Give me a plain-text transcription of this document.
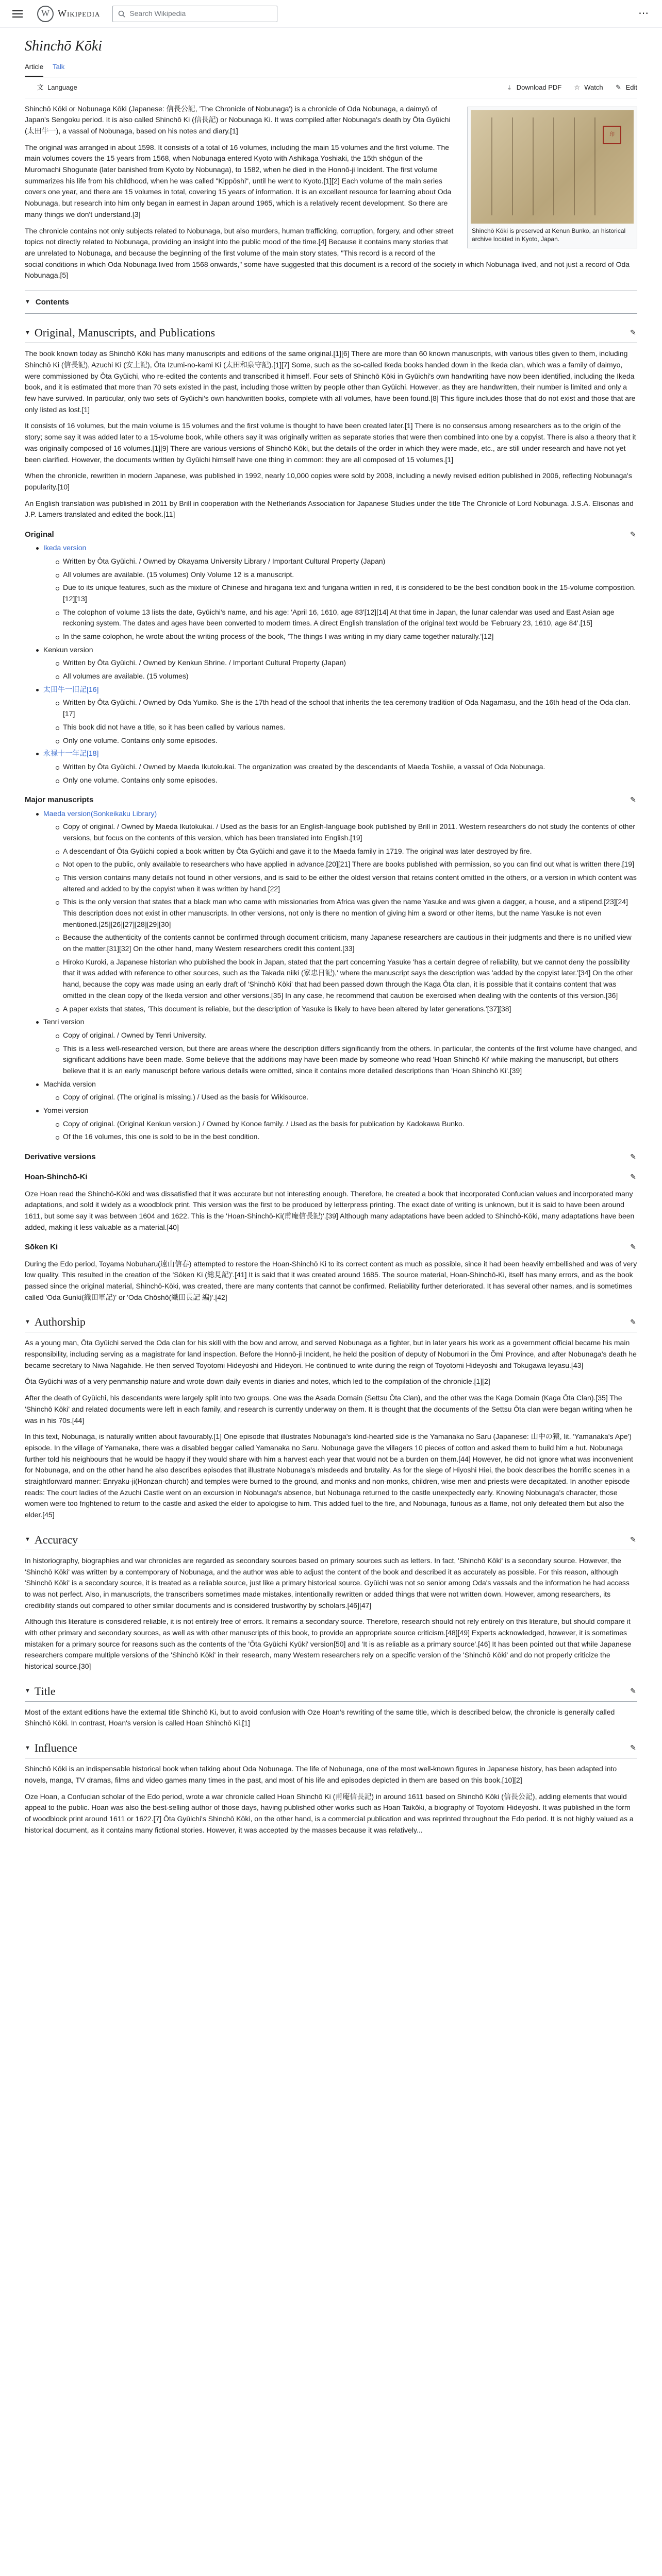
W Wikipedia	Search Wikipedia	⋯
Shinchō Kōki
Article Talk
文 Language	⤓ Download PDF ☆ Watch ✎ Edit
印
Shinchō Kōki is preserved at Kenun Bunko, an historical archive located in Kyoto, Japan.

Shinchō Kōki or Nobunaga Kōki (Japanese: 信長公記, 'The Chronicle of Nobunaga') is a chronicle of Oda Nobunaga, a daimyō of Japan's Sengoku period. It is also called Shinchō Ki (信長記) or Nobunaga Ki. It was compiled after Nobunaga's death by Ōta Gyūichi (太田牛一), a vassal of Nobunaga, based on his notes and diary.[1]

The original was arranged in about 1598. It consists of a total of 16 volumes, including the main 15 volumes and the first volume. The main volumes covers the 15 years from 1568, when Nobunaga entered Kyoto with Ashikaga Yoshiaki, the 15th shōgun of the Muromachi Shogunate (later banished from Kyoto by Nobunaga), to 1582, when he died in the Honnō-ji Incident. The first volume summarizes his life from his childhood, when he was called "Kippōshi", until he went to Kyoto.[1][2] Each volume of the main series covers one year, and there are 15 volumes in total, covering 15 years of information. It is an excellent resource for learning about Oda Nobunaga, but research into him only began in earnest in Japan around 1965, which is a relatively recent development. So there are many things we don't understand.[3]

The chronicle contains not only subjects related to Nobunaga, but also murders, human trafficking, corruption, forgery, and other street topics not directly related to Nobunaga, providing an insight into the public mood of the time.[4] Because it contains many stories that are unrelated to Nobunaga, and because the beginning of the first volume of the main story states, "This record is a record of the social conditions in which Oda Nobunaga lived from 1568 onwards," some have suggested that this document is a record of the society in which Nobunaga lived, and not just a record of Oda Nobunaga.[5]

▼ Contents
▼ Original, Manuscripts, and Publications	✎

The book known today as Shinchō Kōki has many manuscripts and editions of the same original.[1][6] There are more than 60 known manuscripts, with various titles given to them, including Shinchō Ki (信長記), Azuchi Ki (安土記), Ōta Izumi-no-kami Ki (太田和泉守記).[1][7] Some, such as the so-called Ikeda books handed down in the Ikeda clan, which was a family of daimyo, were commissioned by Ōta Gyūichi, who re-edited the contents and transcribed it himself. Four sets of Shinchō Kōki in Gyūichi's own handwriting have now been identified, including the Ikeda book, and it is estimated that more than 70 sets existed in the past, including those written by people other than Gyūichi. However, as they are handwritten, their number is limited and only a few have survived. In particular, only two sets of Gyūichi's own handwritten books, complete with all volumes, have been found.[8] This figure includes those that do not exist and those that are only listed as lost.[1]

It consists of 16 volumes, but the main volume is 15 volumes and the first volume is thought to have been created later.[1] There is no consensus among researchers as to the origin of the story; some say it was added later to a 15-volume book, while others say it was originally written as separate stories that were then combined into one by a copyist. There is also a theory that it was originally composed of 16 volumes.[1][9] There are various versions of Shinchō Kōki, but the details of the order in which they were made, etc., are still under research and have not yet been clarified. However, the documents written by Gyūichi himself have one thing in common: they are all composed of 15 volumes.[1]

When the chronicle, rewritten in modern Japanese, was published in 1992, nearly 10,000 copies were sold by 2008, including a newly revised edition published in 2006, reflecting Nobunaga's popularity.[10]

An English translation was published in 2011 by Brill in cooperation with the Netherlands Association for Japanese Studies under the title The Chronicle of Lord Nobunaga. J.S.A. Elisonas and J.P. Lamers translated and edited the book.[11]

Original	✎
Ikeda version
Written by Ōta Gyūichi. / Owned by Okayama University Library / Important Cultural Property (Japan)
All volumes are available. (15 volumes) Only Volume 12 is a manuscript.
Due to its unique features, such as the mixture of Chinese and hiragana text and furigana written in red, it is considered to be the best condition book in the 15-volume composition.[12][13]
The colophon of volume 13 lists the date, Gyūichi's name, and his age: 'April 16, 1610, age 83'[12][14] At that time in Japan, the lunar calendar was used and East Asian age reckoning system. The dates and ages have been converted to modern times. A direct English translation of the original text would be 'February 23, 1610, age 84'.[15]
In the same colophon, he wrote about the writing process of the book, 'The things I was writing in my diary came together naturally.'[12]
Kenkun version
Written by Ōta Gyūichi. / Owned by Kenkun Shrine. / Important Cultural Property (Japan)
All volumes are available. (15 volumes)
太田牛一旧記[16]
Written by Ōta Gyūichi. / Owned by Oda Yumiko. She is the 17th head of the school that inherits the tea ceremony tradition of Oda Nagamasu, and the 16th head of the Oda clan.[17]
This book did not have a title, so it has been called by various names.
Only one volume. Contains only some episodes.
永禄十一年記[18]
Written by Ōta Gyūichi. / Owned by Maeda Ikutokukai. The organization was created by the descendants of Maeda Toshiie, a vassal of Oda Nobunaga.
Only one volume. Contains only some episodes.
Major manuscripts	✎
Maeda version(Sonkeikaku Library)
Copy of original. / Owned by Maeda Ikutokukai. / Used as the basis for an English-language book published by Brill in 2011. Western researchers do not study the contents of other versions, but focus on the contents of this version, which has been translated into English.[19]
A descendant of Ōta Gyūichi copied a book written by Ōta Gyūichi and gave it to the Maeda family in 1719. The original was later destroyed by fire.
Not open to the public, only available to researchers who have applied in advance.[20][21] There are books published with permission, so you can find out what is written there.[19]
This version contains many details not found in other versions, and is said to be either the oldest version that retains content omitted in the others, or a version in which content was altered and added to by the copyist when it was written by hand.[22]
This is the only version that states that a black man who came with missionaries from Africa was given the name Yasuke and was given a dagger, a house, and a stipend.[23][24] This description does not exist in other manuscripts. In other versions, not only is there no mention of giving him a sword or other items, but the name Yasuke is not even mentioned.[25][26][27][28][29][30]
Because the authenticity of the contents cannot be confirmed through document criticism, many Japanese researchers are cautious in their judgments and there is no unified view on the matter.[31][32] On the other hand, many Western researchers credit this content.[33]
Hiroko Kuroki, a Japanese historian who published the book in Japan, stated that the part concerning Yasuke 'has a certain degree of reliability, but we cannot deny the possibility that it was added with reference to other sources, such as the Takada niiki (家忠日記),' where the manuscript says the description was 'added by the copyist later.'[34] On the other hand, because the copy was made using an early draft of 'Shinchō Kōki' that had been passed down through the Kaga Ōta clan, it is possible that it contains content that was omitted in the clean copy of the Ikeda version and other versions.[35] In any case, he recommend that caution be exercised when dealing with the contents of this version.[36]
A paper exists that states, 'This document is reliable, but the description of Yasuke is likely to have been altered by later generations.'[37][38]
Tenri version
Copy of original. / Owned by Tenri University.
This is a less well-researched version, but there are areas where the description differs significantly from the others. In particular, the contents of the first volume have changed, and significant additions have been made. Some believe that the additions may have been made by someone who read 'Hoan Shinchō Ki' while making the manuscript, but others believe that it is an early manuscript before various details were omitted, since it contains more detailed descriptions than 'Hoan Shinchō Ki'.[39]
Machida version
Copy of original. (The original is missing.) / Used as the basis for Wikisource.
Yomei version
Copy of original. (Original Kenkun version.) / Owned by Konoe family. / Used as the basis for publication by Kadokawa Bunko.
Of the 16 volumes, this one is sold to be in the best condition.
Derivative versions	✎
Hoan-Shinchō-Ki	✎

Oze Hoan read the Shinchō-Kōki and was dissatisfied that it was accurate but not interesting enough. Therefore, he created a book that incorporated Confucian values and incorporated many adaptations, and sold it widely as a woodblock print. This version was the first to be produced by letterpress printing. The exact date of writing is unknown, but it is said to have been around 1611, but some say it was between 1604 and 1622. This is the 'Hoan-Shinchō-Ki(甫庵信長記)'.[39] Although many adaptations have been added to Shinchō-Kōki, many adaptations have been added, making it less valuable as a material.[40]

Sōken Ki	✎

During the Edo period, Toyama Nobuharu(遠山信春) attempted to restore the Hoan-Shinchō Ki to its correct content as much as possible, since it had been heavily embellished and was of very low quality. This resulted in the creation of the 'Sōken Ki (総見記)'.[41] It is said that it was created around 1685. The source material, Hoan-Shinchō-Ki, itself has many errors, and as the book passed since the original material, Shinchō-Kōki, was created, there are many contents that cannot be confirmed. Reliability further deteriorated. It has several other names, and is sometimes called 'Oda Gunki(織田軍記)' or 'Oda Chōshō(織田長記 編)'.[42]

▼ Authorship	✎

As a young man, Ōta Gyūichi served the Oda clan for his skill with the bow and arrow, and served Nobunaga as a fighter, but in later years his work as a government official became his main responsibility, including serving as a magistrate for land inspection. Before the Honnō-ji Incident, he held the position of deputy of Nobumori in the Õmi Province, and after Nobunaga's death he became secretary to Niwa Nagahide. He then served Toyotomi Hideyoshi and Hideyori. He continued to write during the reign of Toyotomi Hideyoshi and Tokugawa Ieyasu.[43]

Ōta Gyūichi was of a very penmanship nature and wrote down daily events in diaries and notes, which led to the compilation of the chronicle.[1][2]

After the death of Gyūichi, his descendants were largely split into two groups. One was the Asada Domain (Settsu Ōta Clan), and the other was the Kaga Domain (Kaga Ōta Clan).[35] The 'Shinchō Kōki' and related documents were left in each family, and research is currently underway on them. It is thought that the documents of the Settsu Ōta clan were began writing when he was in his 70s.[44]

In this text, Nobunaga, is naturally written about favourably.[1] One episode that illustrates Nobunaga's kind-hearted side is the Yamanaka no Saru (Japanese: 山中の猿, lit. 'Yamanaka's Ape') episode. In the village of Yamanaka, there was a disabled beggar called Yamanaka no Saru. Nobunaga gave the villagers 10 pieces of cotton and asked them to build him a hut. Nobunaga further told his neighbours that he would be happy if they would share with him a harvest each year that would not be a burden on them.[44] However, he did not ignore what was inconvenient for Nobunaga, and on the other hand he also describes episodes that illustrate Nobunaga's misdeeds and brutality. As for the siege of Hiyoshi Hiei, the book describes the horrific scenes in a straightforward manner: Enryaku-ji(Honzan-church) and temples were burned to the ground, and monks and non-monks, children, wise men and priests were decapitated. In another episode reads: The court ladies of the Azuchi Castle went on an excursion in Nobunaga's absence, but Nobunaga returned to the castle unexpectedly early. Knowing Nobunaga's character, those women were too frightened to return to the castle and asked the elder to apologise to him. This added fuel to the fire, and Nobunaga, furious as a flame, not only defeated them but also the elder.[45]

▼ Accuracy	✎

In historiography, biographies and war chronicles are regarded as secondary sources based on primary sources such as letters. In fact, 'Shinchō Kōki' is a secondary source. However, the 'Shinchō Kōki' was written by a contemporary of Nobunaga, and the author was able to adjust the content of the book and described it as accurately as possible. For this reason, although 'Shinchō Kōki' is a secondary source, it is treated as a reliable source, just like a primary historical source. Gyūichi was not so senior among Oda's vassals and the information he had access to was not perfect. Also, in manuscripts, the transcribers sometimes made mistakes, intentionally rewritten or added things that were not written down. However, among researchers, its credibility stands out compared to other similar documents and is considered trustworthy by scholars.[46][47]

Although this literature is considered reliable, it is not entirely free of errors. It remains a secondary source. Therefore, research should not rely entirely on this literature, but should compare it with other primary and secondary sources, as well as with other manuscripts of this book, to provide an appropriate source criticism.[48][49] Experts acknowledged, however, it is sometimes mistaken for a primary source for reasons such as the contents of the 'Ōta Gyūichi Kyūki' version[50] and 'It is as reliable as a primary source'.[46] It has been pointed out that while Japanese researchers compare multiple versions of the 'Shinchō Kōki' in their research, many Western researchers rely on a specific version of the 'Shinchō Kōki' and do not properly criticize the historical source.[30]

▼ Title	✎

Most of the extant editions have the external title Shinchō Ki, but to avoid confusion with Oze Hoan's rewriting of the same title, which is described below, the chronicle is generally called Shinchō Kōki. In contrast, Hoan's version is called Hoan Shinchō Ki.[1]

▼ Influence	✎

Shinchō Kōki is an indispensable historical book when talking about Oda Nobunaga. The life of Nobunaga, one of the most well-known figures in Japanese history, has been adapted into novels, manga, TV dramas, films and video games many times in the past, and most of his life and episodes depicted in them are based on this book.[10][2]

Oze Hoan, a Confucian scholar of the Edo period, wrote a war chronicle called Hoan Shinchō Ki (甫庵信長記) in around 1611 based on Shinchō Kōki (信長公記), adding elements that would appeal to the public. Hoan was also the best-selling author of those days, having published other works such as Hoan Taikōki, a biography of Toyotomi Hideyoshi. It was published in the form of woodblock print around 1611 or 1622.[7] Ōta Gyūichi's Shinchō Kōki, on the other hand, is a commercial publication and was reprinted throughout the Edo period. It is not highly valued as a historical document, as it contains many fictional stories. However, it was accepted by the masses because it was relatively...
